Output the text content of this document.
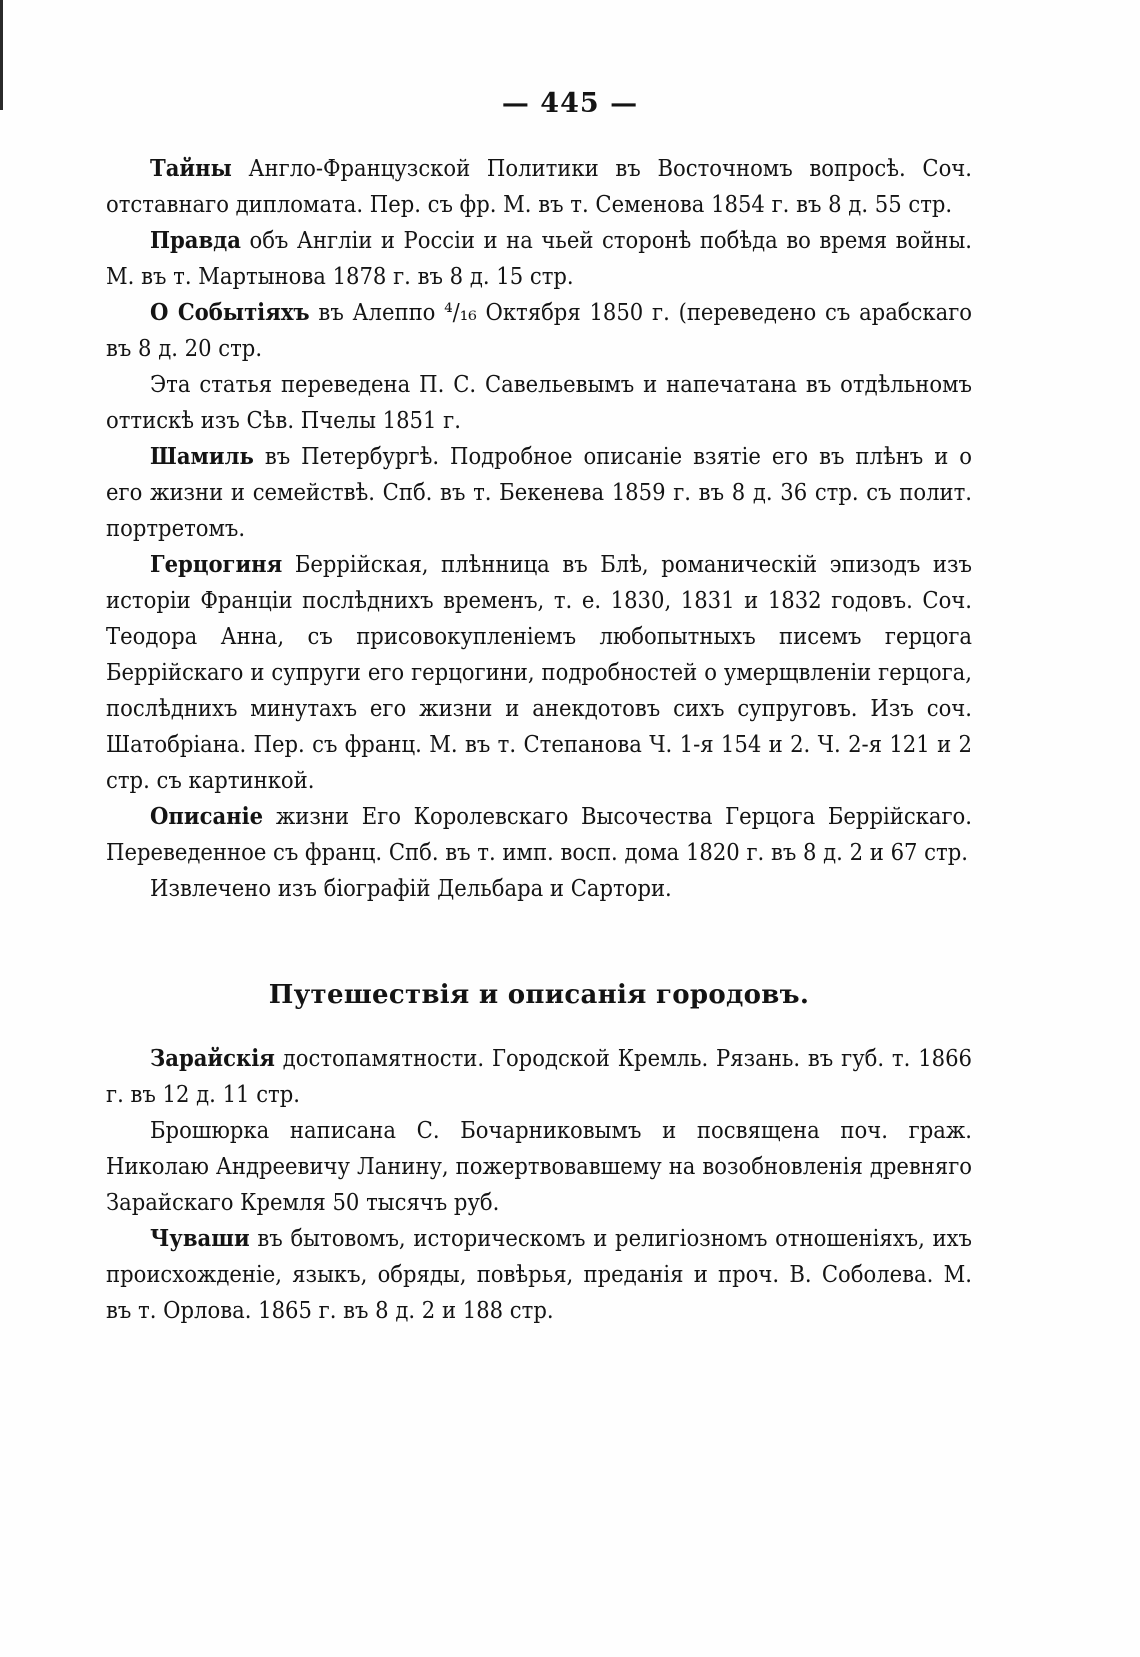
— 445 —

Тайны Англо-Французской Политики въ Восточномъ вопросѣ. Соч. отставнаго дипломата. Пер. съ фр. М. въ т. Семенова 1854 г. въ 8 д. 55 стр.

Правда объ Англіи и Россіи и на чьей сторонѣ побѣда во время войны. М. въ т. Мартынова 1878 г. въ 8 д. 15 стр.

О Событіяхъ въ Алеппо ⁴/₁₆ Октября 1850 г. (переведено съ арабскаго въ 8 д. 20 стр.

Эта статья переведена П. С. Савельевымъ и напечатана въ отдѣльномъ оттискѣ изъ Сѣв. Пчелы 1851 г.

Шамиль въ Петербургѣ. Подробное описаніе взятіе его въ плѣнъ и о его жизни и семействѣ. Спб. въ т. Бекенева 1859 г. въ 8 д. 36 стр. съ полит. портретомъ.

Герцогиня Беррійская, плѣнница въ Блѣ, романическій эпизодъ изъ исторіи Франціи послѣднихъ временъ, т. е. 1830, 1831 и 1832 годовъ. Соч. Теодора Анна, съ присовокупленіемъ любопытныхъ писемъ герцога Беррійскаго и супруги его герцогини, подробностей о умерщвленіи герцога, послѣднихъ минутахъ его жизни и анекдотовъ сихъ супруговъ. Изъ соч. Шатобріана. Пер. съ франц. М. въ т. Степанова Ч. 1-я 154 и 2. Ч. 2-я 121 и 2 стр. съ картинкой.

Описаніе жизни Его Королевскаго Высочества Герцога Беррійскаго. Переведенное съ франц. Спб. въ т. имп. восп. дома 1820 г. въ 8 д. 2 и 67 стр.

Извлечено изъ біографій Дельбара и Сартори.

Путешествія и описанія городовъ.

Зарайскія достопамятности. Городской Кремль. Рязань. въ губ. т. 1866 г. въ 12 д. 11 стр.

Брошюрка написана С. Бочарниковымъ и посвящена поч. граж. Николаю Андреевичу Ланину, пожертвовавшему на возобновленія древняго Зарайскаго Кремля 50 тысячъ руб.

Чуваши въ бытовомъ, историческомъ и религіозномъ отношеніяхъ, ихъ происхожденіе, языкъ, обряды, повѣрья, преданія и проч. В. Соболева. М. въ т. Орлова. 1865 г. въ 8 д. 2 и 188 стр.
